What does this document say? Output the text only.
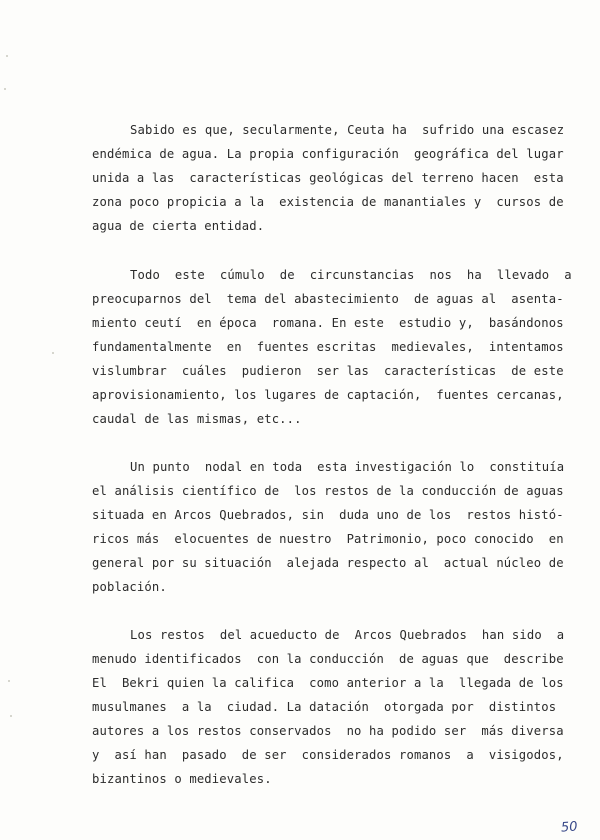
Sabido es que, secularmente, Ceuta ha  sufrido una escasez
endémica de agua. La propia configuración  geográfica del lugar
unida a las  características geológicas del terreno hacen  esta
zona poco propicia a la  existencia de manantiales y  cursos de
agua de cierta entidad.
Todo  este  cúmulo  de  circunstancias  nos  ha  llevado  a
preocuparnos del  tema del abastecimiento  de aguas al  asenta-
miento ceutí  en época  romana. En este  estudio y,  basándonos
fundamentalmente  en  fuentes escritas  medievales,  intentamos
vislumbrar  cuáles  pudieron  ser las  características  de este
aprovisionamiento, los lugares de captación,  fuentes cercanas,
caudal de las mismas, etc...
Un punto  nodal en toda  esta investigación lo  constituía
el análisis científico de  los restos de la conducción de aguas
situada en Arcos Quebrados, sin  duda uno de los  restos histó-
ricos más  elocuentes de nuestro  Patrimonio, poco conocido  en
general por su situación  alejada respecto al  actual núcleo de
población.
Los restos  del acueducto de  Arcos Quebrados  han sido  a
menudo identificados  con la conducción  de aguas que  describe
El  Bekri quien la califica  como anterior a la  llegada de los
musulmanes  a la  ciudad. La datación  otorgada por  distintos
autores a los restos conservados  no ha podido ser  más diversa
y  así han  pasado  de ser  considerados romanos  a  visigodos,
bizantinos o medievales.
50
